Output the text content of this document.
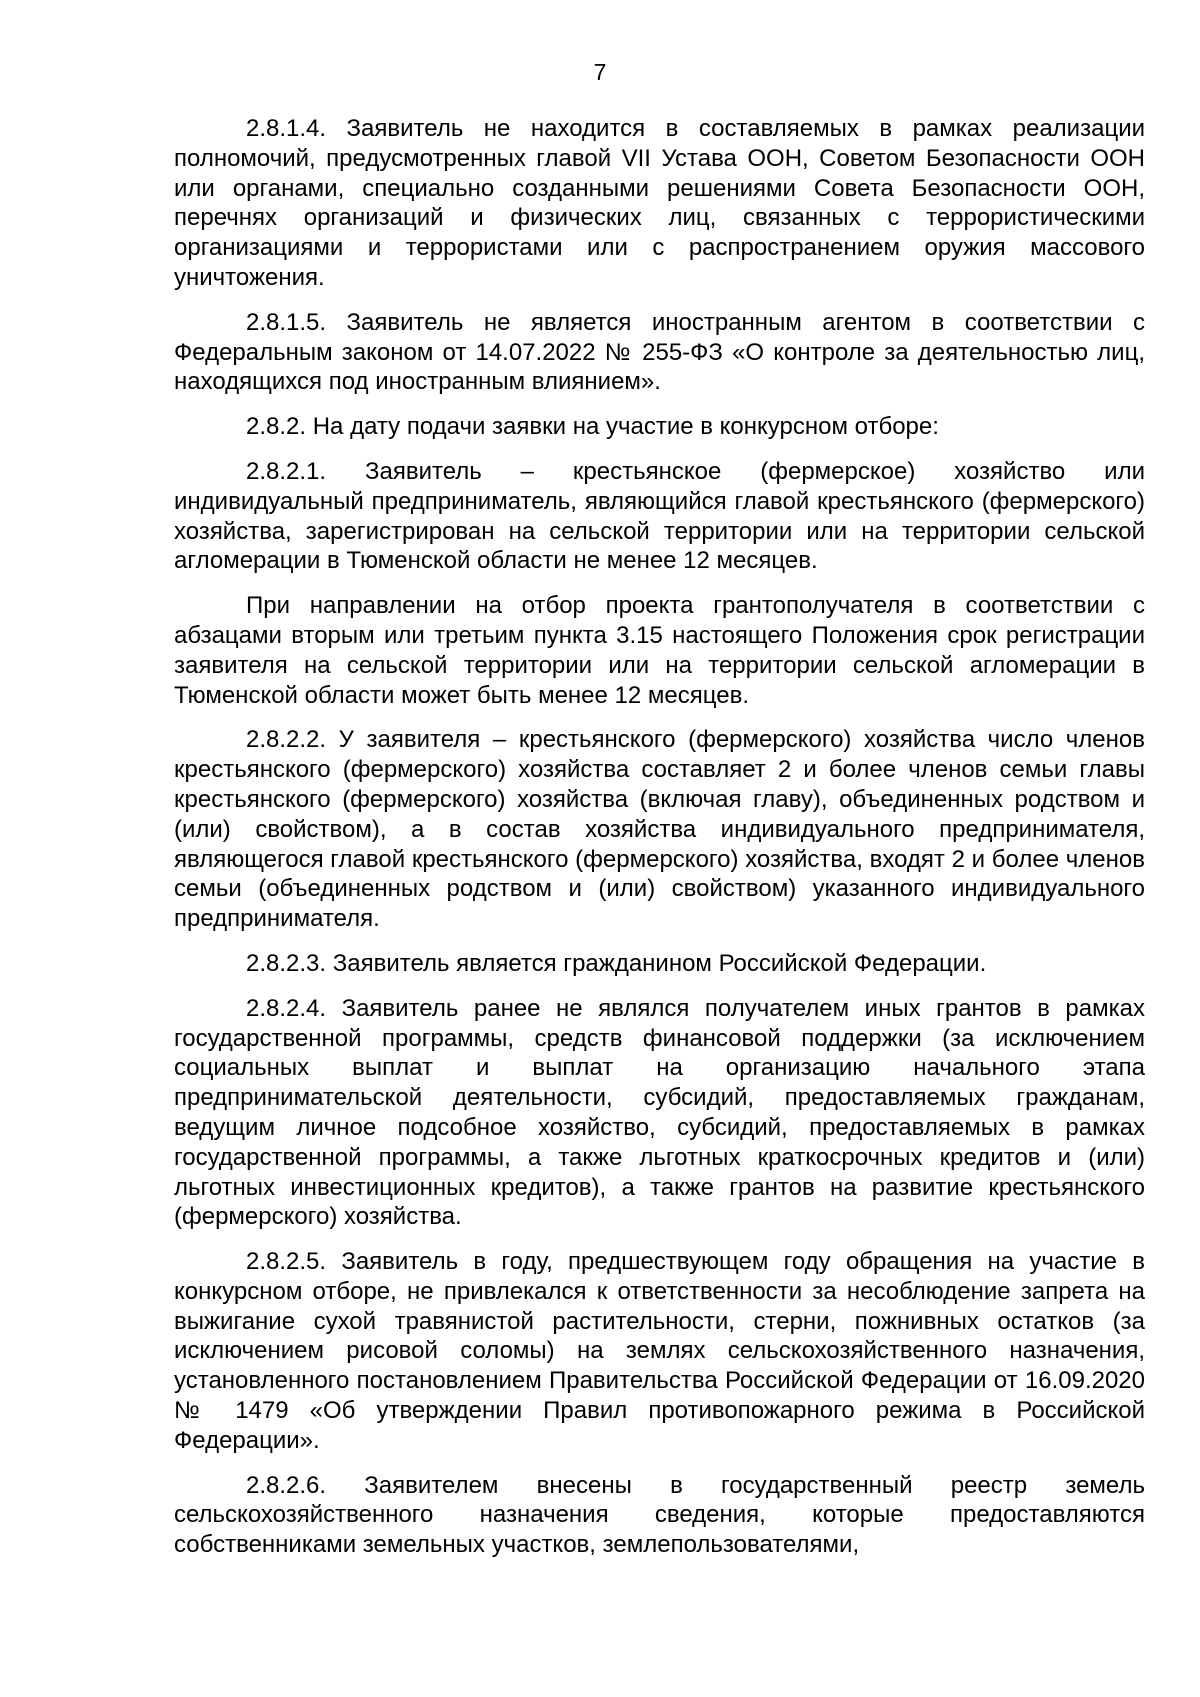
7

2.8.1.4. Заявитель не находится в составляемых в рамках реализации полномочий, предусмотренных главой VII Устава ООН, Советом Безопасности ООН или органами, специально созданными решениями Совета Безопасности ООН, перечнях организаций и физических лиц, связанных с террористическими организациями и террористами или с распространением оружия массового уничтожения.

2.8.1.5. Заявитель не является иностранным агентом в соответствии с Федеральным законом от 14.07.2022 № 255-ФЗ «О контроле за деятельностью лиц, находящихся под иностранным влиянием».

2.8.2. На дату подачи заявки на участие в конкурсном отборе:

2.8.2.1. Заявитель – крестьянское (фермерское) хозяйство или индивидуальный предприниматель, являющийся главой крестьянского (фермерского) хозяйства, зарегистрирован на сельской территории или на территории сельской агломерации в Тюменской области не менее 12 месяцев.

При направлении на отбор проекта грантополучателя в соответствии с абзацами вторым или третьим пункта 3.15 настоящего Положения срок регистрации заявителя на сельской территории или на территории сельской агломерации в Тюменской области может быть менее 12 месяцев.

2.8.2.2. У заявителя – крестьянского (фермерского) хозяйства число членов крестьянского (фермерского) хозяйства составляет 2 и более членов семьи главы крестьянского (фермерского) хозяйства (включая главу), объединенных родством и (или) свойством), а в состав хозяйства индивидуального предпринимателя, являющегося главой крестьянского (фермерского) хозяйства, входят 2 и более членов семьи (объединенных родством и (или) свойством) указанного индивидуального предпринимателя.

2.8.2.3. Заявитель является гражданином Российской Федерации.

2.8.2.4. Заявитель ранее не являлся получателем иных грантов в рамках государственной программы, средств финансовой поддержки (за исключением социальных выплат и выплат на организацию начального этапа предпринимательской деятельности, субсидий, предоставляемых гражданам, ведущим личное подсобное хозяйство, субсидий, предоставляемых в рамках государственной программы, а также льготных краткосрочных кредитов и (или) льготных инвестиционных кредитов), а также грантов на развитие крестьянского (фермерского) хозяйства.

2.8.2.5. Заявитель в году, предшествующем году обращения на участие в конкурсном отборе, не привлекался к ответственности за несоблюдение запрета на выжигание сухой травянистой растительности, стерни, пожнивных остатков (за исключением рисовой соломы) на землях сельскохозяйственного назначения, установленного постановлением Правительства Российской Федерации от 16.09.2020 № 1479 «Об утверждении Правил противопожарного режима в Российской Федерации».

2.8.2.6. Заявителем внесены в государственный реестр земель сельскохозяйственного назначения сведения, которые предоставляются собственниками земельных участков, землепользователями,
